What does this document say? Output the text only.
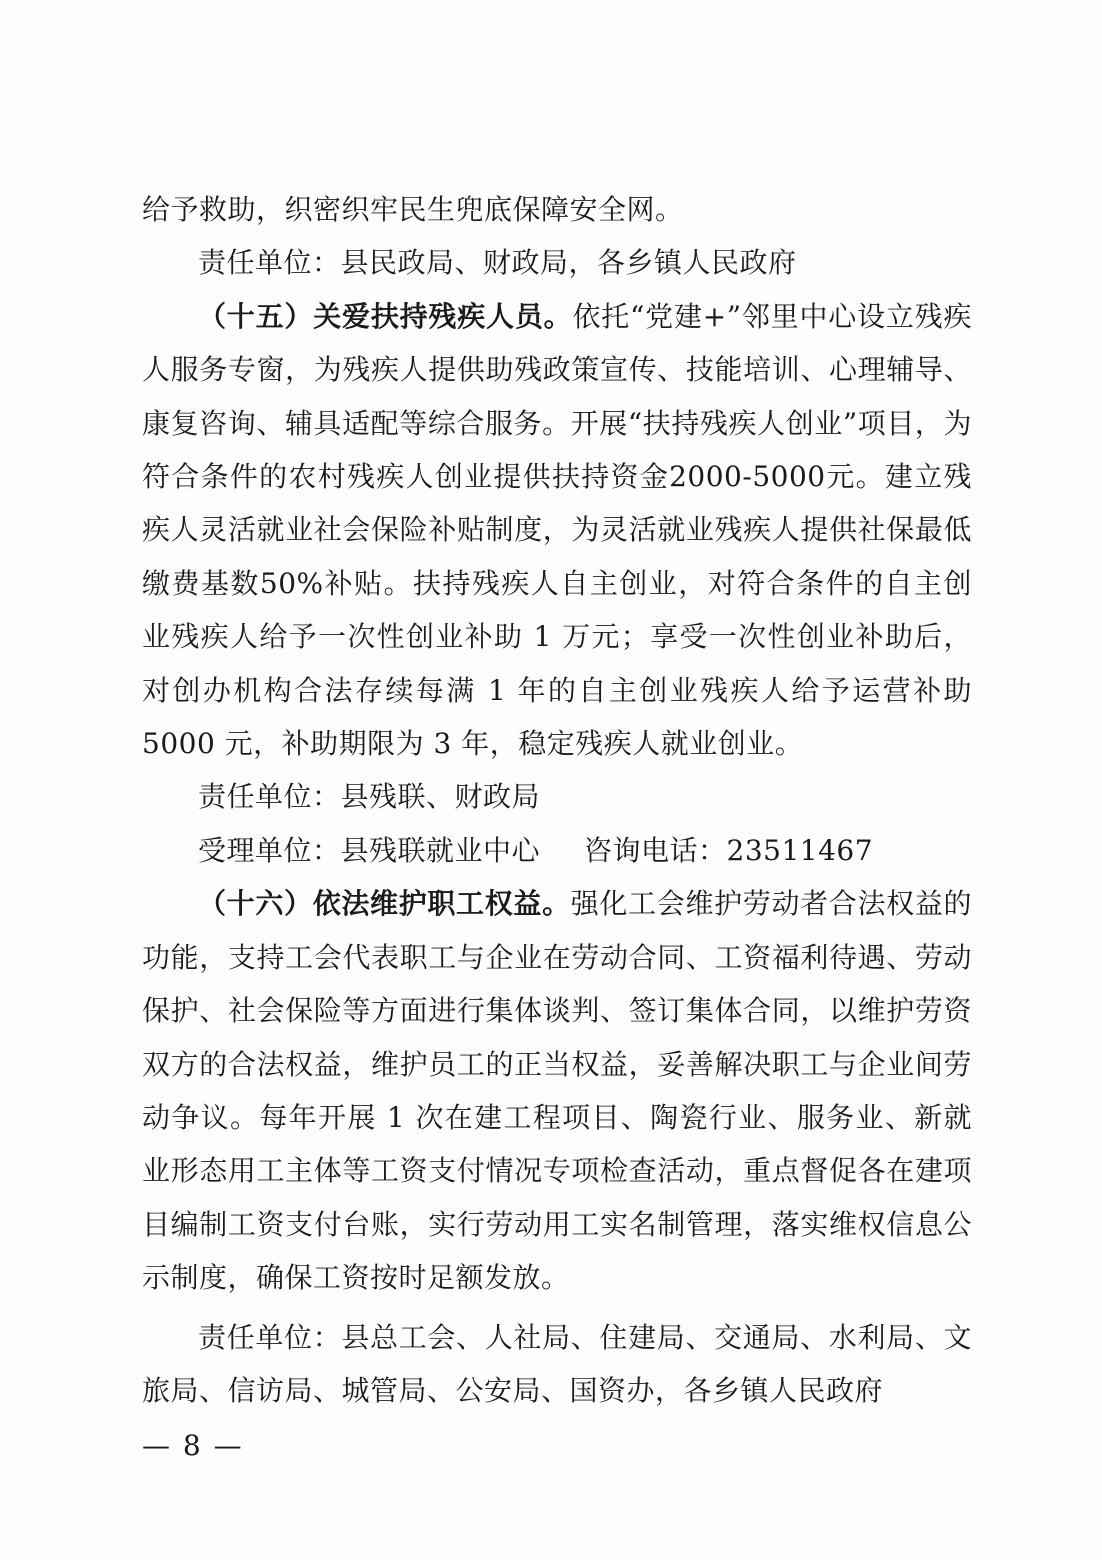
给予救助，织密织牢民生兜底保障安全网。

责任单位：县民政局、财政局，各乡镇人民政府

（十五）关爱扶持残疾人员。依托“党建+”邻里中心设立残疾人服务专窗，为残疾人提供助残政策宣传、技能培训、心理辅导、康复咨询、辅具适配等综合服务。开展“扶持残疾人创业”项目，为符合条件的农村残疾人创业提供扶持资金2000-5000元。建立残疾人灵活就业社会保险补贴制度，为灵活就业残疾人提供社保最低缴费基数50%补贴。扶持残疾人自主创业，对符合条件的自主创业残疾人给予一次性创业补助 1 万元；享受一次性创业补助后，对创办机构合法存续每满 1 年的自主创业残疾人给予运营补助 5000 元，补助期限为 3 年，稳定残疾人就业创业。

责任单位：县残联、财政局

受理单位：县残联就业中心 咨询电话：23511467

（十六）依法维护职工权益。强化工会维护劳动者合法权益的功能，支持工会代表职工与企业在劳动合同、工资福利待遇、劳动保护、社会保险等方面进行集体谈判、签订集体合同，以维护劳资双方的合法权益，维护员工的正当权益，妥善解决职工与企业间劳动争议。每年开展 1 次在建工程项目、陶瓷行业、服务业、新就业形态用工主体等工资支付情况专项检查活动，重点督促各在建项目编制工资支付台账，实行劳动用工实名制管理，落实维权信息公示制度，确保工资按时足额发放。

责任单位：县总工会、人社局、住建局、交通局、水利局、文旅局、信访局、城管局、公安局、国资办，各乡镇人民政府

— 8 —
